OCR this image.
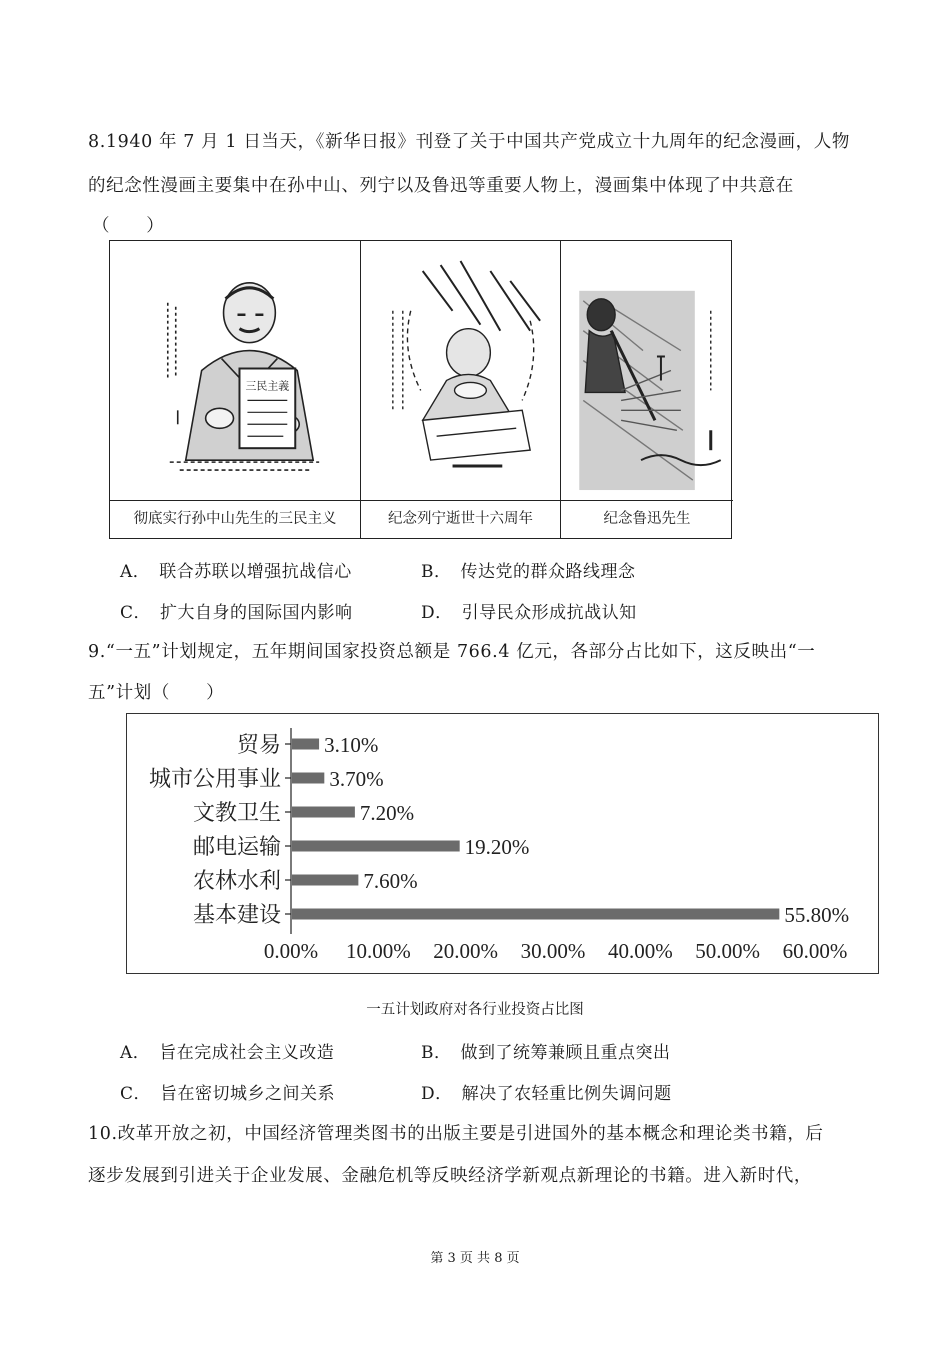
8.1940 年 7 月 1 日当天，《新华日报》刊登了关于中国共产党成立十九周年的纪念漫画，人物
的纪念性漫画主要集中在孙中山、列宁以及鲁迅等重要人物上，漫画集中体现了中共意在
（　　）
三民主義
彻底实行孙中山先生的三民主义	纪念列宁逝世十六周年	纪念鲁迅先生
A．　联合苏联以增强抗战信心	B．　传达党的群众路线理念
C．　扩大自身的国际国内影响	D．　引导民众形成抗战认知
9.“一五”计划规定，五年期间国家投资总额是 766.4 亿元，各部分占比如下，这反映出“一
五”计划（　　）
贸易 3.10%
城市公用事业 3.70%
文教卫生	7.20%
邮电运输	19.20%
农林水利	7.60%
基本建设	55.80%
0.00% 10.00% 20.00% 30.00% 40.00% 50.00% 60.00%
一五计划政府对各行业投资占比图
A．　旨在完成社会主义改造	B．　做到了统筹兼顾且重点突出
C．　旨在密切城乡之间关系	D．　解决了农轻重比例失调问题
10.改革开放之初，中国经济管理类图书的出版主要是引进国外的基本概念和理论类书籍，后
逐步发展到引进关于企业发展、金融危机等反映经济学新观点新理论的书籍。进入新时代，
第 3 页 共 8 页
